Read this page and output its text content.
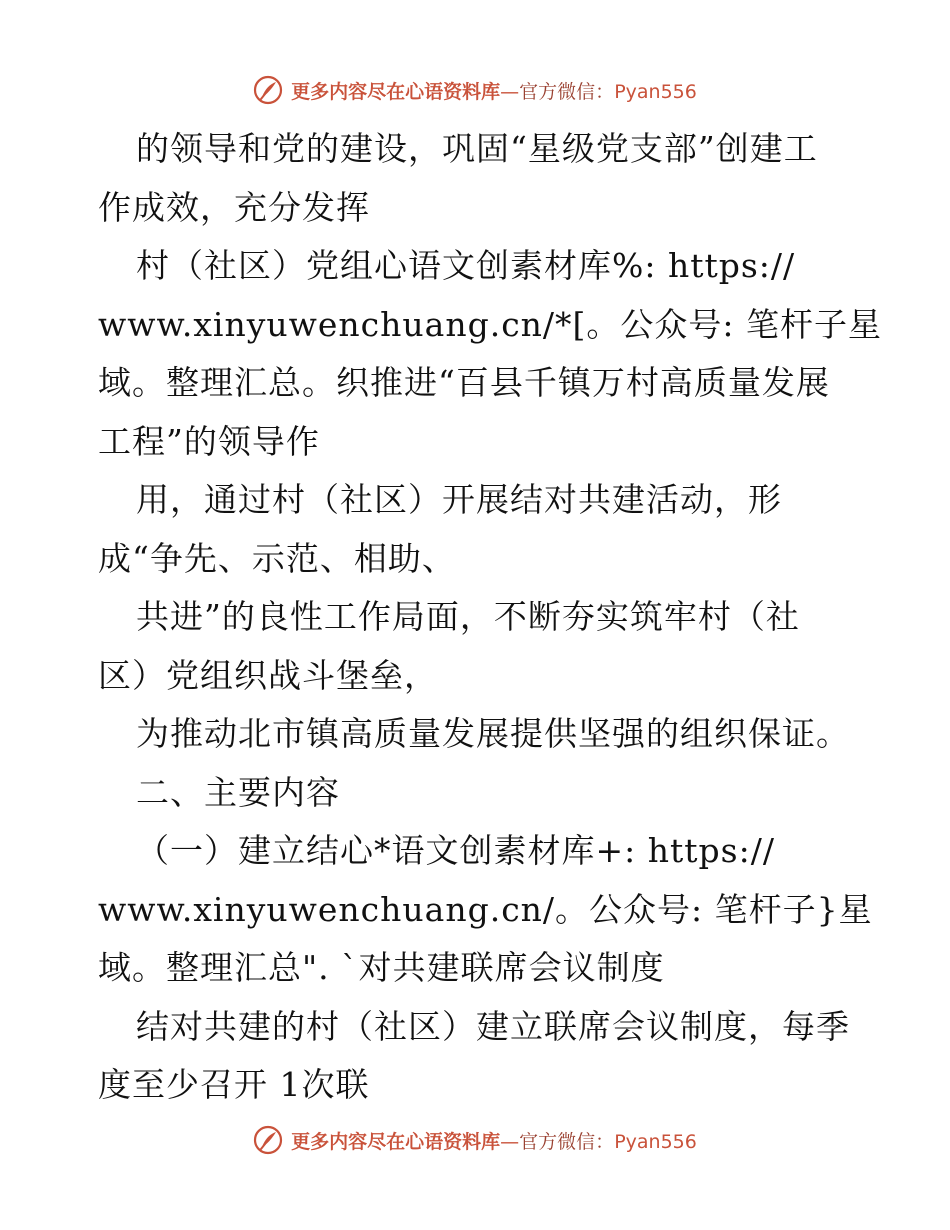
更多内容尽在心语资料库—官方微信：Pyan556
的领导和党的建设，巩固“星级党支部”创建工
作成效，充分发挥
村（社区）党组心语文创素材库%: https://
www.xinyuwenchuang.cn/*[。公众号: 笔杆子星
域。整理汇总。织推进“百县千镇万村高质量发展
工程”的领导作
用，通过村（社区）开展结对共建活动，形
成“争先、示范、相助、
共进”的良性工作局面，不断夯实筑牢村（社
区）党组织战斗堡垒，
为推动北市镇高质量发展提供坚强的组织保证。
二、主要内容
（一）建立结心*语文创素材库+: https://
www.xinyuwenchuang.cn/。公众号: 笔杆子}星
域。整理汇总". `对共建联席会议制度
结对共建的村（社区）建立联席会议制度，每季
度至少召开 1次联
更多内容尽在心语资料库—官方微信：Pyan556
